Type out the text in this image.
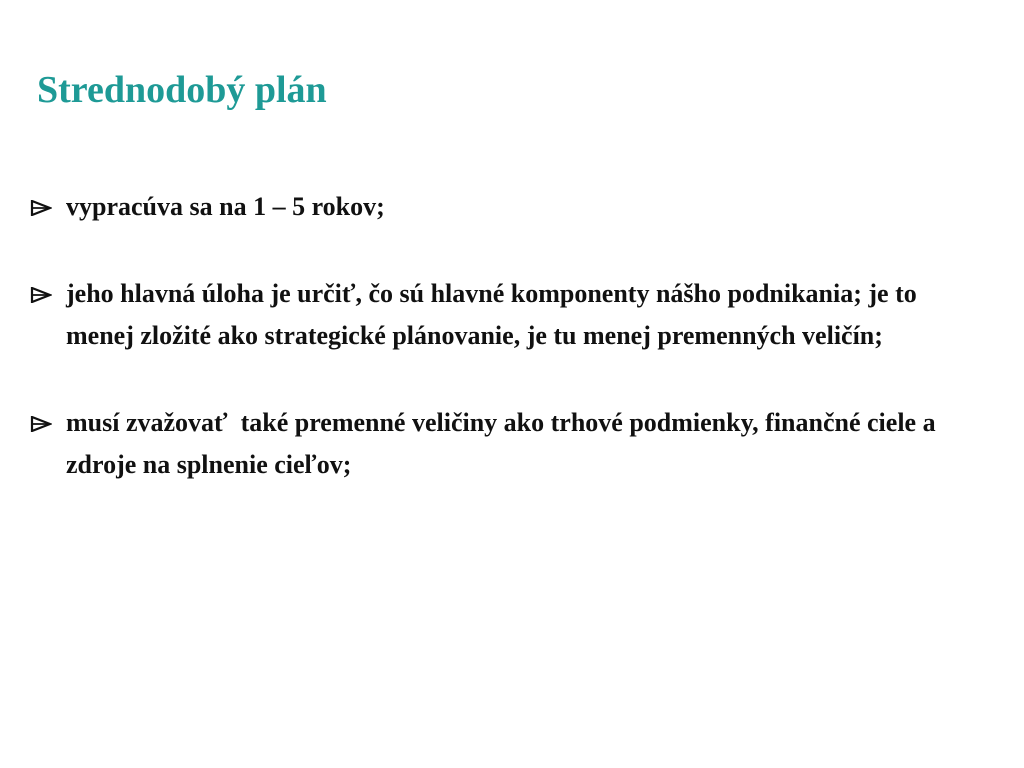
Strednodobý plán
vypracúva sa na 1 – 5 rokov;
jeho hlavná úloha je určiť, čo sú hlavné komponenty nášho podnikania; je to menej zložité ako strategické plánovanie, je tu menej premenných veličín;
musí zvažovať  také premenné veličiny ako trhové podmienky, finančné ciele a zdroje na splnenie cieľov;
